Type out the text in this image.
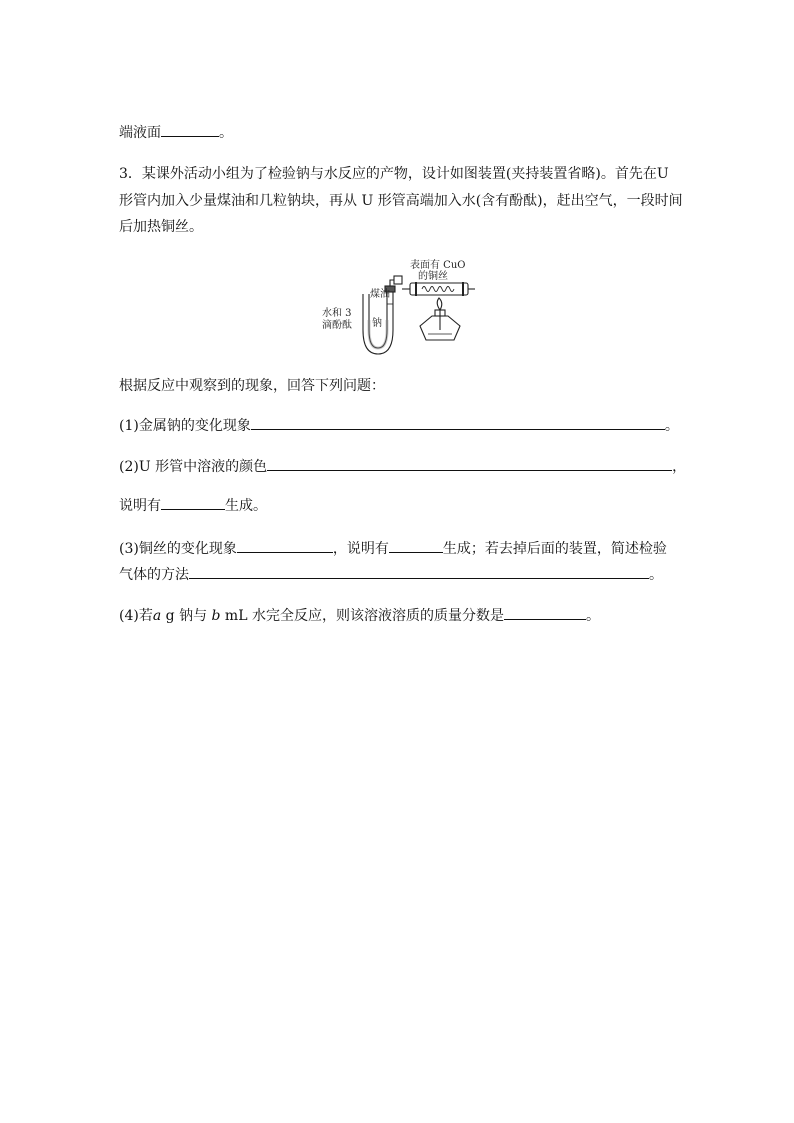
端液面	。
3．某课外活动小组为了检验钠与水反应的产物，设计如图装置(夹持装置省略)。首先在U
形管内加入少量煤油和几粒钠块，再从 U 形管高端加入水(含有酚酞)，赶出空气，一段时间
后加热铜丝。
表面有 CuO
的铜丝
煤油
水和 3
滴酚酞 钠
根据反应中观察到的现象，回答下列问题：
(1)金属钠的变化现象	。
(2)U 形管中溶液的颜色	，
说明有	生成。
(3)铜丝的变化现象	，说明有	生成；若去掉后面的装置，简述检验
气体的方法	。
(4)若a g 钠与 b mL 水完全反应，则该溶液溶质的质量分数是	。
